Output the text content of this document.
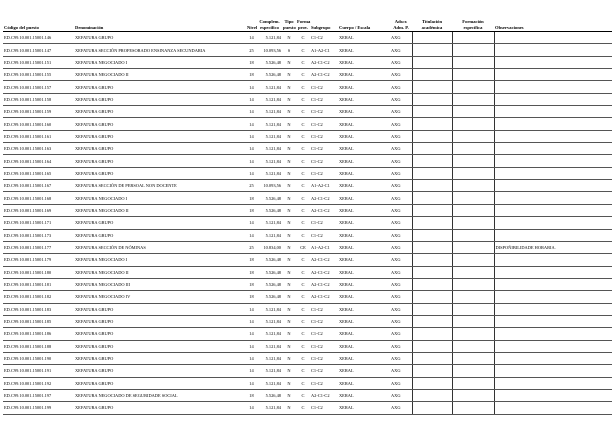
Código del puesto	Denominación	Nivel	Complem. específico	Tipo puesto	Forma prov.	Subgrupo	Cuerpo / Escala	Adscr. Adm. P.	Titulación académica	Formación específica	Observaciones
ED.C99.10.001.15001.146	XEFATURA GRUPO	14	5.121,84	N	C	C1-C2	XERAL	AXG			
ED.C99.10.001.15001.147	XEFATURA SECCIÓN PROFESORADO ENSINANZA SECUNDARIA	25	10.093,56	S	C	A1-A2-C1	XERAL	AXG			
ED.C99.10.001.15001.151	XEFATURA NEGOCIADO I	18	5.526,48	N	C	A2-C1-C2	XERAL	AXG			
ED.C99.10.001.15001.155	XEFATURA NEGOCIADO II	18	5.526,48	N	C	A2-C1-C2	XERAL	AXG			
ED.C99.10.001.15001.157	XEFATURA GRUPO	14	5.121,84	N	C	C1-C2	XERAL	AXG			
ED.C99.10.001.15001.158	XEFATURA GRUPO	14	5.121,84	N	C	C1-C2	XERAL	AXG			
ED.C99.10.001.15001.159	XEFATURA GRUPO	14	5.121,84	N	C	C1-C2	XERAL	AXG			
ED.C99.10.001.15001.160	XEFATURA GRUPO	14	5.121,84	N	C	C1-C2	XERAL	AXG			
ED.C99.10.001.15001.161	XEFATURA GRUPO	14	5.121,84	N	C	C1-C2	XERAL	AXG			
ED.C99.10.001.15001.163	XEFATURA GRUPO	14	5.121,84	N	C	C1-C2	XERAL	AXG			
ED.C99.10.001.15001.164	XEFATURA GRUPO	14	5.121,84	N	C	C1-C2	XERAL	AXG			
ED.C99.10.001.15001.165	XEFATURA GRUPO	14	5.121,84	N	C	C1-C2	XERAL	AXG			
ED.C99.10.001.15001.167	XEFATURA SECCIÓN DE PERSOAL NON DOCENTE	25	10.093,56	N	C	A1-A2-C1	XERAL	AXG			
ED.C99.10.001.15001.168	XEFATURA NEGOCIADO I	18	5.526,48	N	C	A2-C1-C2	XERAL	AXG			
ED.C99.10.001.15001.169	XEFATURA NEGOCIADO II	18	5.526,48	N	C	A2-C1-C2	XERAL	AXG			
ED.C99.10.001.15001.171	XEFATURA GRUPO	14	5.121,84	N	C	C1-C2	XERAL	AXG			
ED.C99.10.001.15001.173	XEFATURA GRUPO	14	5.121,84	N	C	C1-C2	XERAL	AXG			
ED.C99.10.001.15001.177	XEFATURA SECCIÓN DE NÓMINAS	25	10.834,00	N	CE	A1-A2-C1	XERAL	AXG			DISPOÑIBILIDADE HORARIA.
ED.C99.10.001.15001.179	XEFATURA NEGOCIADO I	18	5.526,48	N	C	A2-C1-C2	XERAL	AXG			
ED.C99.10.001.15001.180	XEFATURA NEGOCIADO II	18	5.526,48	N	C	A2-C1-C2	XERAL	AXG			
ED.C99.10.001.15001.181	XEFATURA NEGOCIADO III	18	5.526,48	N	C	A2-C1-C2	XERAL	AXG			
ED.C99.10.001.15001.182	XEFATURA NEGOCIADO IV	18	5.526,48	N	C	A2-C1-C2	XERAL	AXG			
ED.C99.10.001.15001.183	XEFATURA GRUPO	14	5.121,84	N	C	C1-C2	XERAL	AXG			
ED.C99.10.001.15001.185	XEFATURA GRUPO	14	5.121,84	N	C	C1-C2	XERAL	AXG			
ED.C99.10.001.15001.186	XEFATURA GRUPO	14	5.121,84	N	C	C1-C2	XERAL	AXG			
ED.C99.10.001.15001.188	XEFATURA GRUPO	14	5.121,84	N	C	C1-C2	XERAL	AXG			
ED.C99.10.001.15001.190	XEFATURA GRUPO	14	5.121,84	N	C	C1-C2	XERAL	AXG			
ED.C99.10.001.15001.191	XEFATURA GRUPO	14	5.121,84	N	C	C1-C2	XERAL	AXG			
ED.C99.10.001.15001.192	XEFATURA GRUPO	14	5.121,84	N	C	C1-C2	XERAL	AXG			
ED.C99.10.001.15001.197	XEFATURA NEGOCIADO DE SEGURIDADE SOCIAL	18	5.526,48	N	C	A2-C1-C2	XERAL	AXG			
ED.C99.10.001.15001.199	XEFATURA GRUPO	14	5.121,84	N	C	C1-C2	XERAL	AXG			
